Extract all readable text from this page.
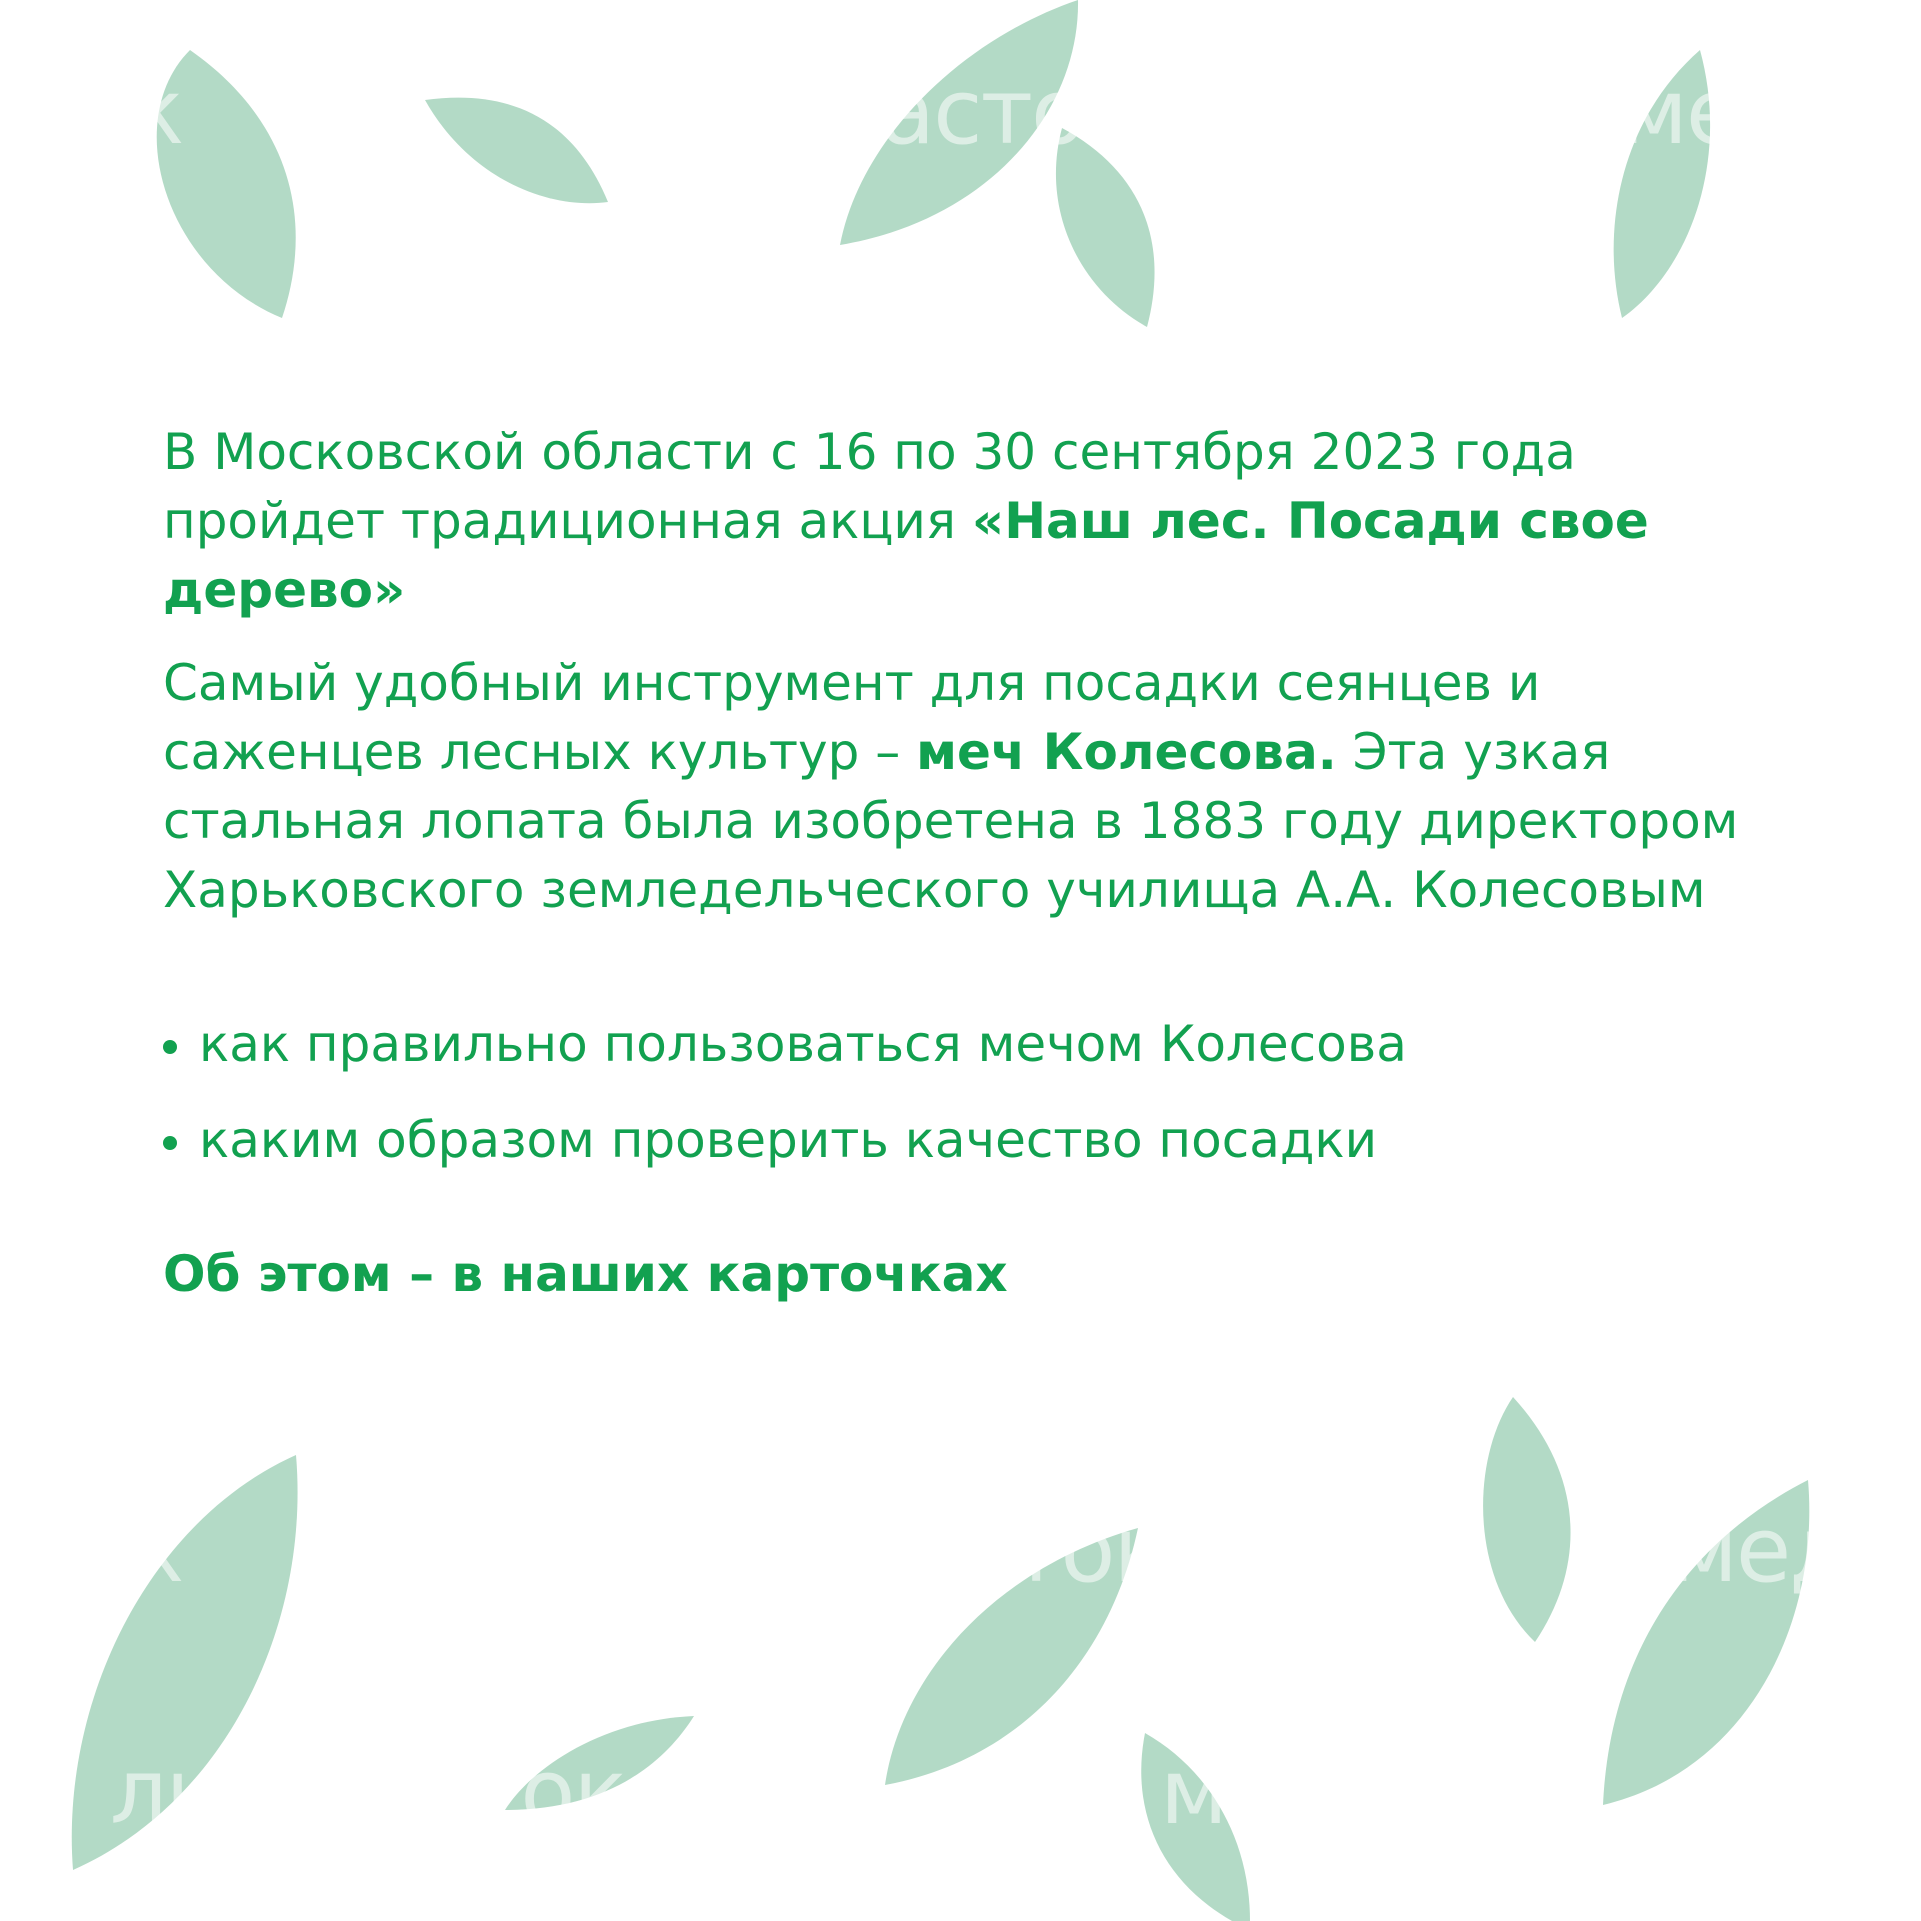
к	асто	ме
к	ток	мед
ли	ток	мед

В Московской области с 16 по 30 сентября 2023 года пройдет традиционная акция «Наш лес. Посади свое дерево»

Самый удобный инструмент для посадки сеянцев и саженцев лесных культур – меч Колесова. Эта узкая стальная лопата была изобретена в 1883 году директором Харьковского земледельческого училища А.А. Колесовым

как правильно пользоваться мечом Колесова
каким образом проверить качество посадки
Об этом – в наших карточках
